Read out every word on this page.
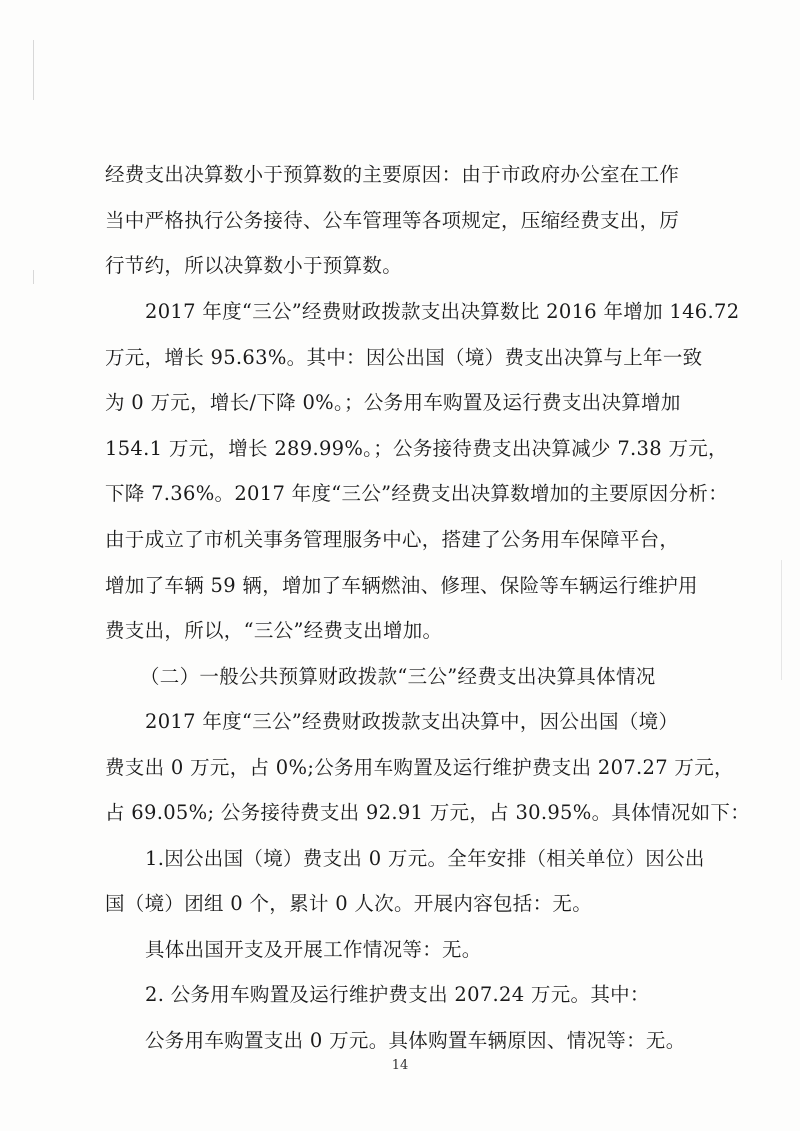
经费支出决算数小于预算数的主要原因：由于市政府办公室在工作
当中严格执行公务接待、公车管理等各项规定，压缩经费支出，厉
行节约，所以决算数小于预算数。
2017 年度“三公”经费财政拨款支出决算数比 2016 年增加 146.72
万元，增长 95.63%。其中：因公出国（境）费支出决算与上年一致
为 0 万元，增长/下降 0%。；公务用车购置及运行费支出决算增加
154.1 万元，增长 289.99%。；公务接待费支出决算减少 7.38 万元，
下降 7.36%。2017 年度“三公”经费支出决算数增加的主要原因分析：
由于成立了市机关事务管理服务中心，搭建了公务用车保障平台，
增加了车辆 59 辆，增加了车辆燃油、修理、保险等车辆运行维护用
费支出，所以，“三公”经费支出增加。
（二）一般公共预算财政拨款“三公”经费支出决算具体情况
2017 年度“三公”经费财政拨款支出决算中，因公出国（境）
费支出 0 万元，占 0%;公务用车购置及运行维护费支出 207.27 万元，
占 69.05%; 公务接待费支出 92.91 万元，占 30.95%。具体情况如下：
1.因公出国（境）费支出 0 万元。全年安排（相关单位）因公出
国（境）团组 0 个，累计 0 人次。开展内容包括：无。
具体出国开支及开展工作情况等：无。
2. 公务用车购置及运行维护费支出 207.24 万元。其中：
公务用车购置支出 0 万元。具体购置车辆原因、情况等：无。
14
